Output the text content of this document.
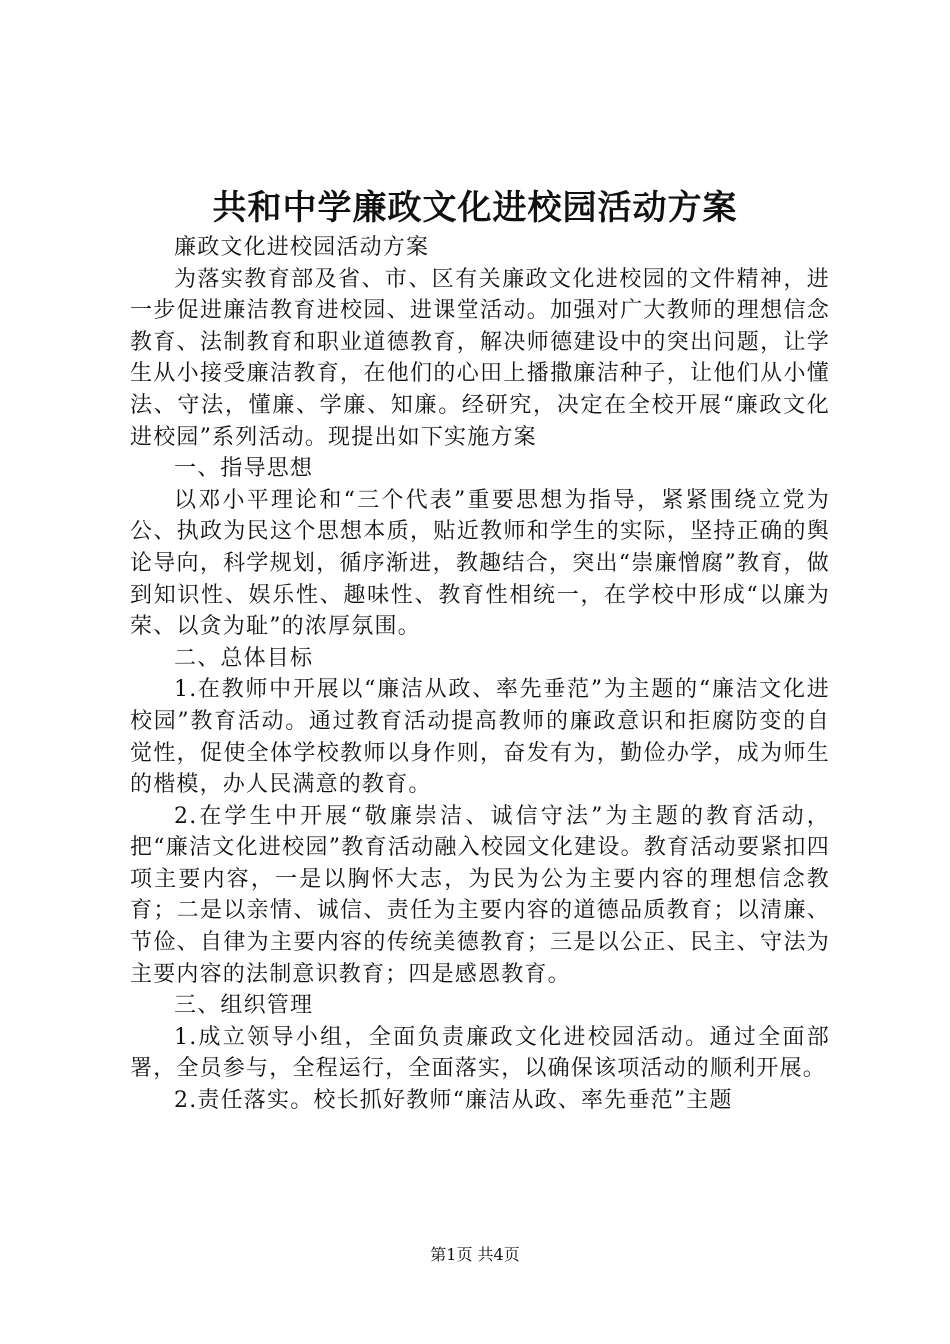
共和中学廉政文化进校园活动方案

廉政文化进校园活动方案

为落实教育部及省、市、区有关廉政文化进校园的文件精神，进一步促进廉洁教育进校园、进课堂活动。加强对广大教师的理想信念教育、法制教育和职业道德教育，解决师德建设中的突出问题，让学生从小接受廉洁教育，在他们的心田上播撒廉洁种子，让他们从小懂法、守法，懂廉、学廉、知廉。经研究，决定在全校开展“廉政文化进校园”系列活动。现提出如下实施方案

一、指导思想

以邓小平理论和“三个代表”重要思想为指导，紧紧围绕立党为公、执政为民这个思想本质，贴近教师和学生的实际，坚持正确的舆论导向，科学规划，循序渐进，教趣结合，突出“崇廉憎腐”教育，做到知识性、娱乐性、趣味性、教育性相统一，在学校中形成“以廉为荣、以贪为耻”的浓厚氛围。

二、总体目标

1.在教师中开展以“廉洁从政、率先垂范”为主题的“廉洁文化进校园”教育活动。通过教育活动提高教师的廉政意识和拒腐防变的自觉性，促使全体学校教师以身作则，奋发有为，勤俭办学，成为师生的楷模，办人民满意的教育。

2.在学生中开展“敬廉崇洁、诚信守法”为主题的教育活动，把“廉洁文化进校园”教育活动融入校园文化建设。教育活动要紧扣四项主要内容，一是以胸怀大志，为民为公为主要内容的理想信念教育；二是以亲情、诚信、责任为主要内容的道德品质教育；以清廉、节俭、自律为主要内容的传统美德教育；三是以公正、民主、守法为主要内容的法制意识教育；四是感恩教育。

三、组织管理

1.成立领导小组，全面负责廉政文化进校园活动。通过全面部署，全员参与，全程运行，全面落实，以确保该项活动的顺利开展。

2.责任落实。校长抓好教师“廉洁从政、率先垂范”主题

第1页 共4页
